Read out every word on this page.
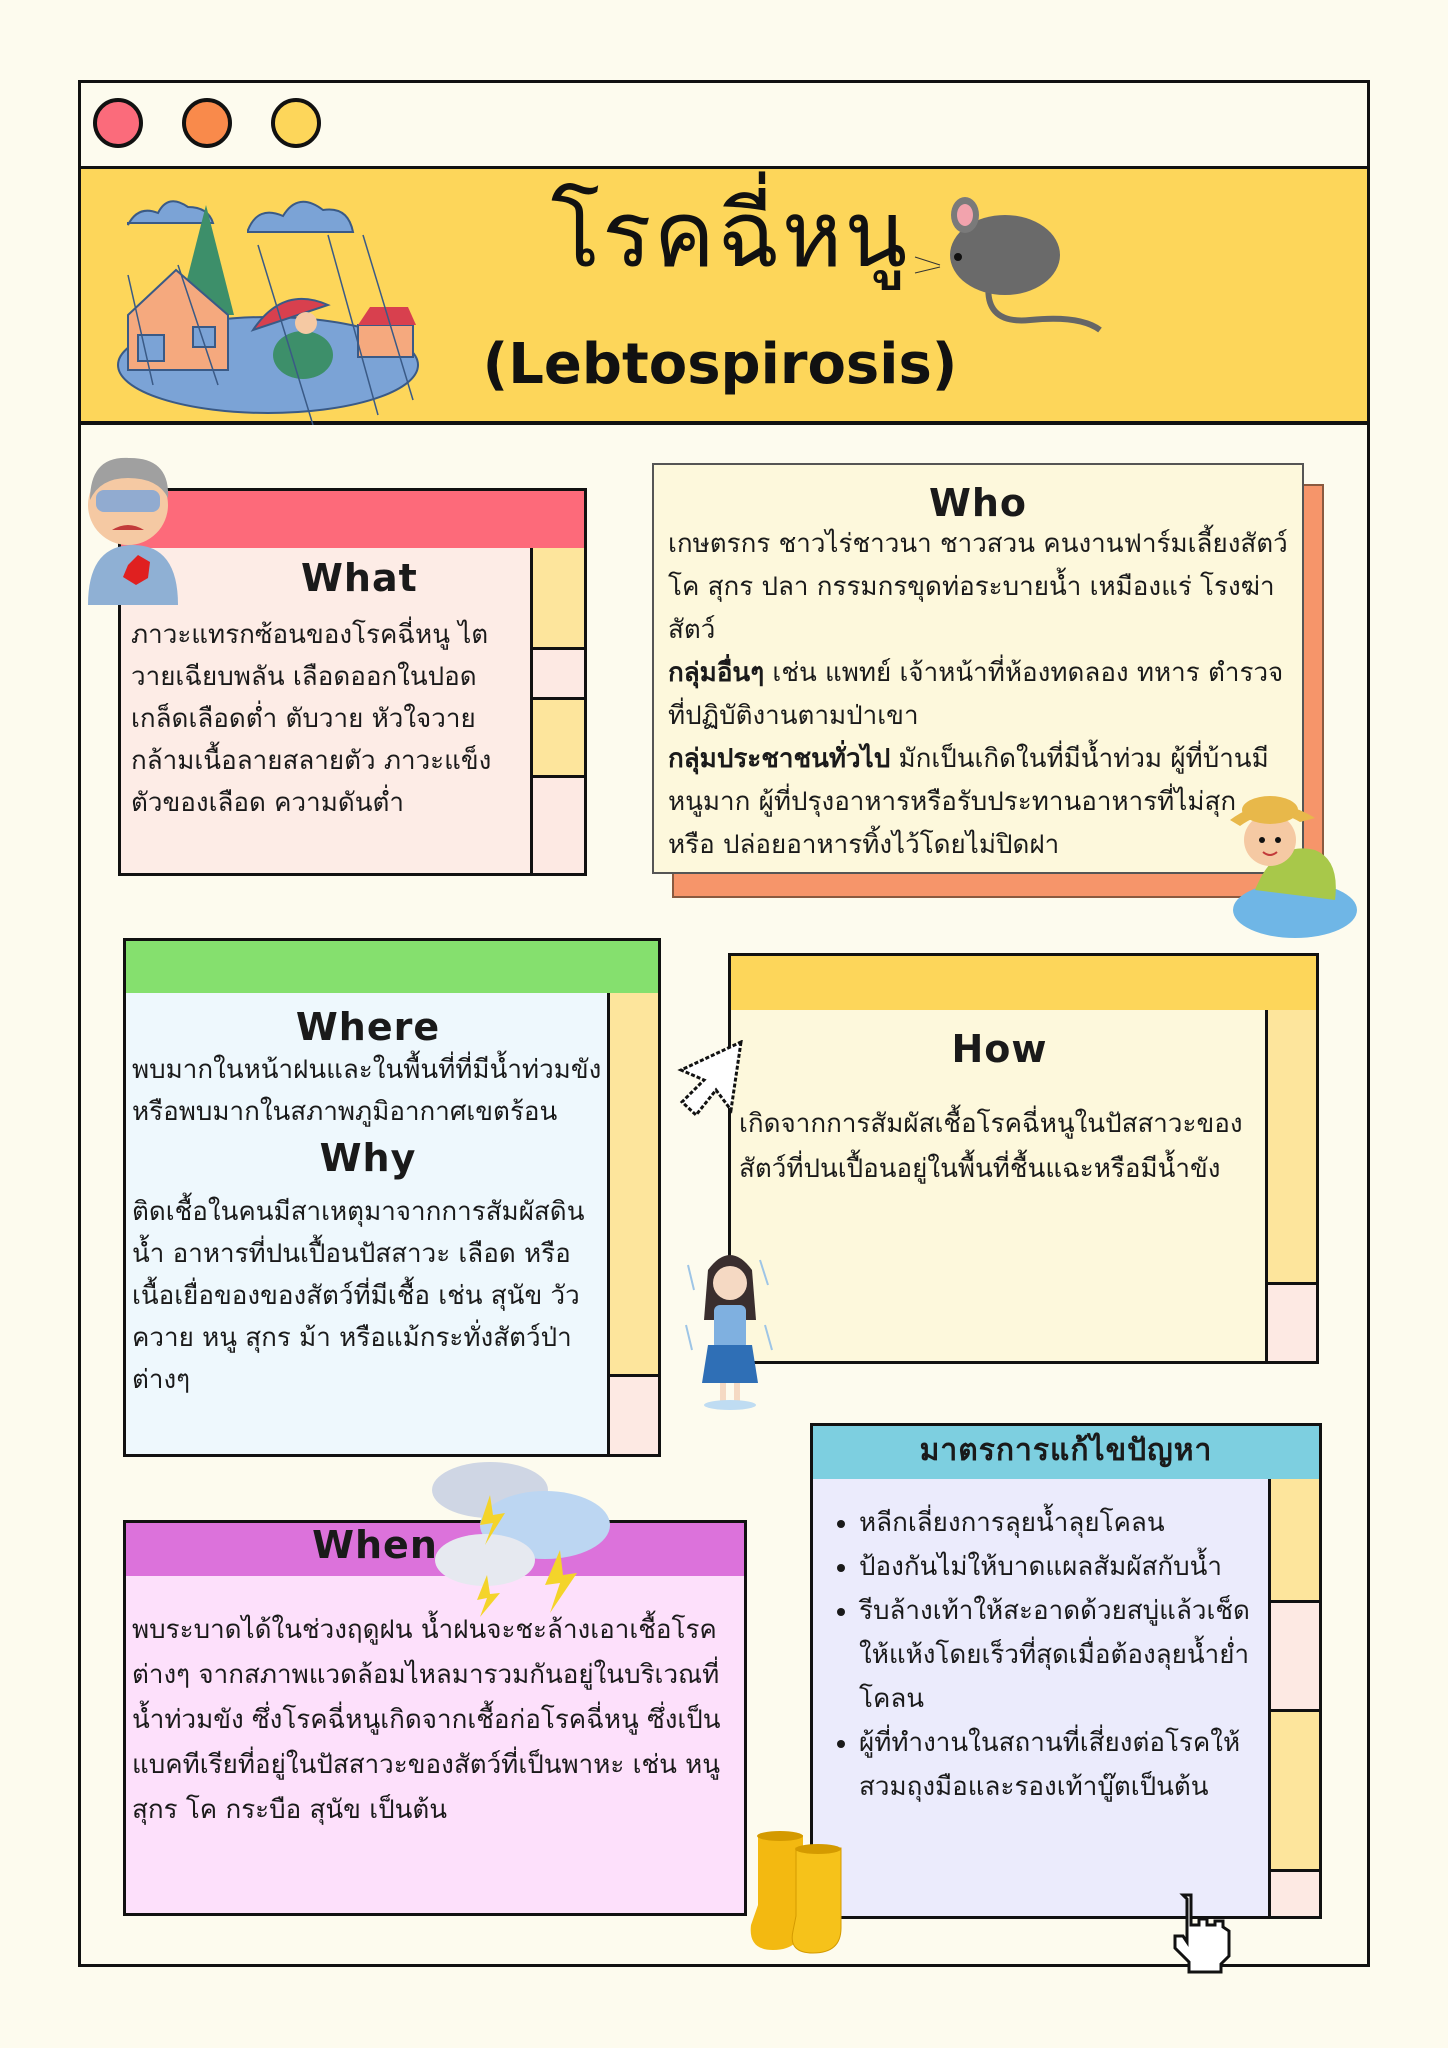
โรคฉี่หนู
(Lebtospirosis)
What
ภาวะแทรกซ้อนของโรคฉี่หนู ไตวายเฉียบพลัน เลือดออกในปอด เกล็ดเลือดต่ำ ตับวาย หัวใจวาย กล้ามเนื้อลายสลายตัว ภาวะแข็งตัวของเลือด ความดันต่ำ
Who
เกษตรกร ชาวไร่ชาวนา ชาวสวน คนงานฟาร์มเลี้ยงสัตว์ โค สุกร ปลา กรรมกรขุดท่อระบายน้ำ เหมืองแร่ โรงฆ่าสัตว์
กลุ่มอื่นๆ เช่น แพทย์ เจ้าหน้าที่ห้องทดลอง ทหาร ตำรวจที่ปฏิบัติงานตามป่าเขา
กลุ่มประชาชนทั่วไป มักเป็นเกิดในที่มีน้ำท่วม ผู้ที่บ้านมีหนูมาก ผู้ที่ปรุงอาหารหรือรับประทานอาหารที่ไม่สุก หรือ ปล่อยอาหารทิ้งไว้โดยไม่ปิดฝา
Where
พบมากในหน้าฝนและในพื้นที่ที่มีน้ำท่วมขัง หรือพบมากในสภาพภูมิอากาศเขตร้อน
Why
ติดเชื้อในคนมีสาเหตุมาจากการสัมผัสดิน น้ำ อาหารที่ปนเปื้อนปัสสาวะ เลือด หรือเนื้อเยื่อของของสัตว์ที่มีเชื้อ เช่น สุนัข วัว ควาย หนู สุกร ม้า หรือแม้กระทั่งสัตว์ป่าต่างๆ
How
เกิดจากการสัมผัสเชื้อโรคฉี่หนูในปัสสาวะของสัตว์ที่ปนเปื้อนอยู่ในพื้นที่ชื้นแฉะหรือมีน้ำขัง
When
พบระบาดได้ในช่วงฤดูฝน น้ำฝนจะชะล้างเอาเชื้อโรคต่างๆ จากสภาพแวดล้อมไหลมารวมกันอยู่ในบริเวณที่น้ำท่วมขัง ซึ่งโรคฉี่หนูเกิดจากเชื้อก่อโรคฉี่หนู ซึ่งเป็นแบคทีเรียที่อยู่ในปัสสาวะของสัตว์ที่เป็นพาหะ เช่น หนู สุกร โค กระบือ สุนัข เป็นต้น
มาตรการแก้ไขปัญหา
• หลีกเลี่ยงการลุยน้ำลุยโคลน
• ป้องกันไม่ให้บาดแผลสัมผัสกับน้ำ
• รีบล้างเท้าให้สะอาดด้วยสบู่แล้วเช็ดให้แห้งโดยเร็วที่สุดเมื่อต้องลุยน้ำย่ำโคลน
• ผู้ที่ทำงานในสถานที่เสี่ยงต่อโรคให้สวมถุงมือและรองเท้าบู๊ตเป็นต้น
